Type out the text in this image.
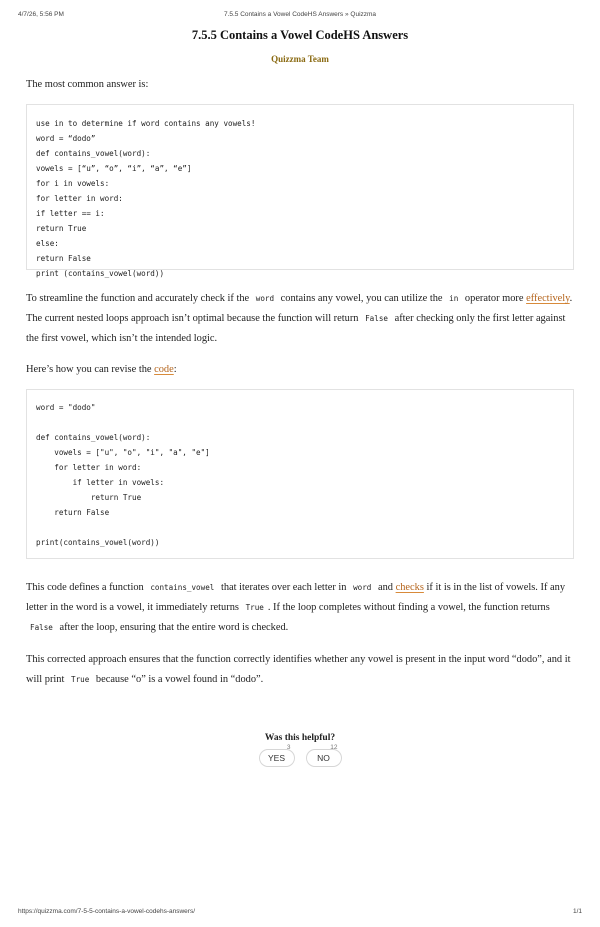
4/7/26, 5:56 PM	7.5.5 Contains a Vowel CodeHS Answers » Quizzma
7.5.5 Contains a Vowel CodeHS Answers
Quizzma Team

The most common answer is:

use in to determine if word contains any vowels!
word = “dodo”
def contains_vowel(word):
vowels = [“u”, “o”, “i”, “a”, “e”]
for i in vowels:
for letter in word:
if letter == i:
return True
else:
return False
print (contains_vowel(word))

To streamline the function and accurately check if the word contains any vowel, you can utilize the in operator more effectively. The current nested loops approach isn’t optimal because the function will return False after checking only the first letter against the first vowel, which isn’t the intended logic.

Here’s how you can revise the code:

word = "dodo"
def contains_vowel(word):
vowels = ["u", "o", "i", "a", "e"]
for letter in word:
if letter in vowels:
return True
return False
print(contains_vowel(word))

This code defines a function contains_vowel that iterates over each letter in word and checks if it is in the list of vowels. If any letter in the word is a vowel, it immediately returns True . If the loop completes without finding a vowel, the function returns False after the loop, ensuring that the entire word is checked.

This corrected approach ensures that the function correctly identifies whether any vowel is present in the input word “dodo”, and it will print True because “o” is a vowel found in “dodo”.

Was this helpful?
YES
3
NO
12
https://quizzma.com/7-5-5-contains-a-vowel-codehs-answers/	1/1
